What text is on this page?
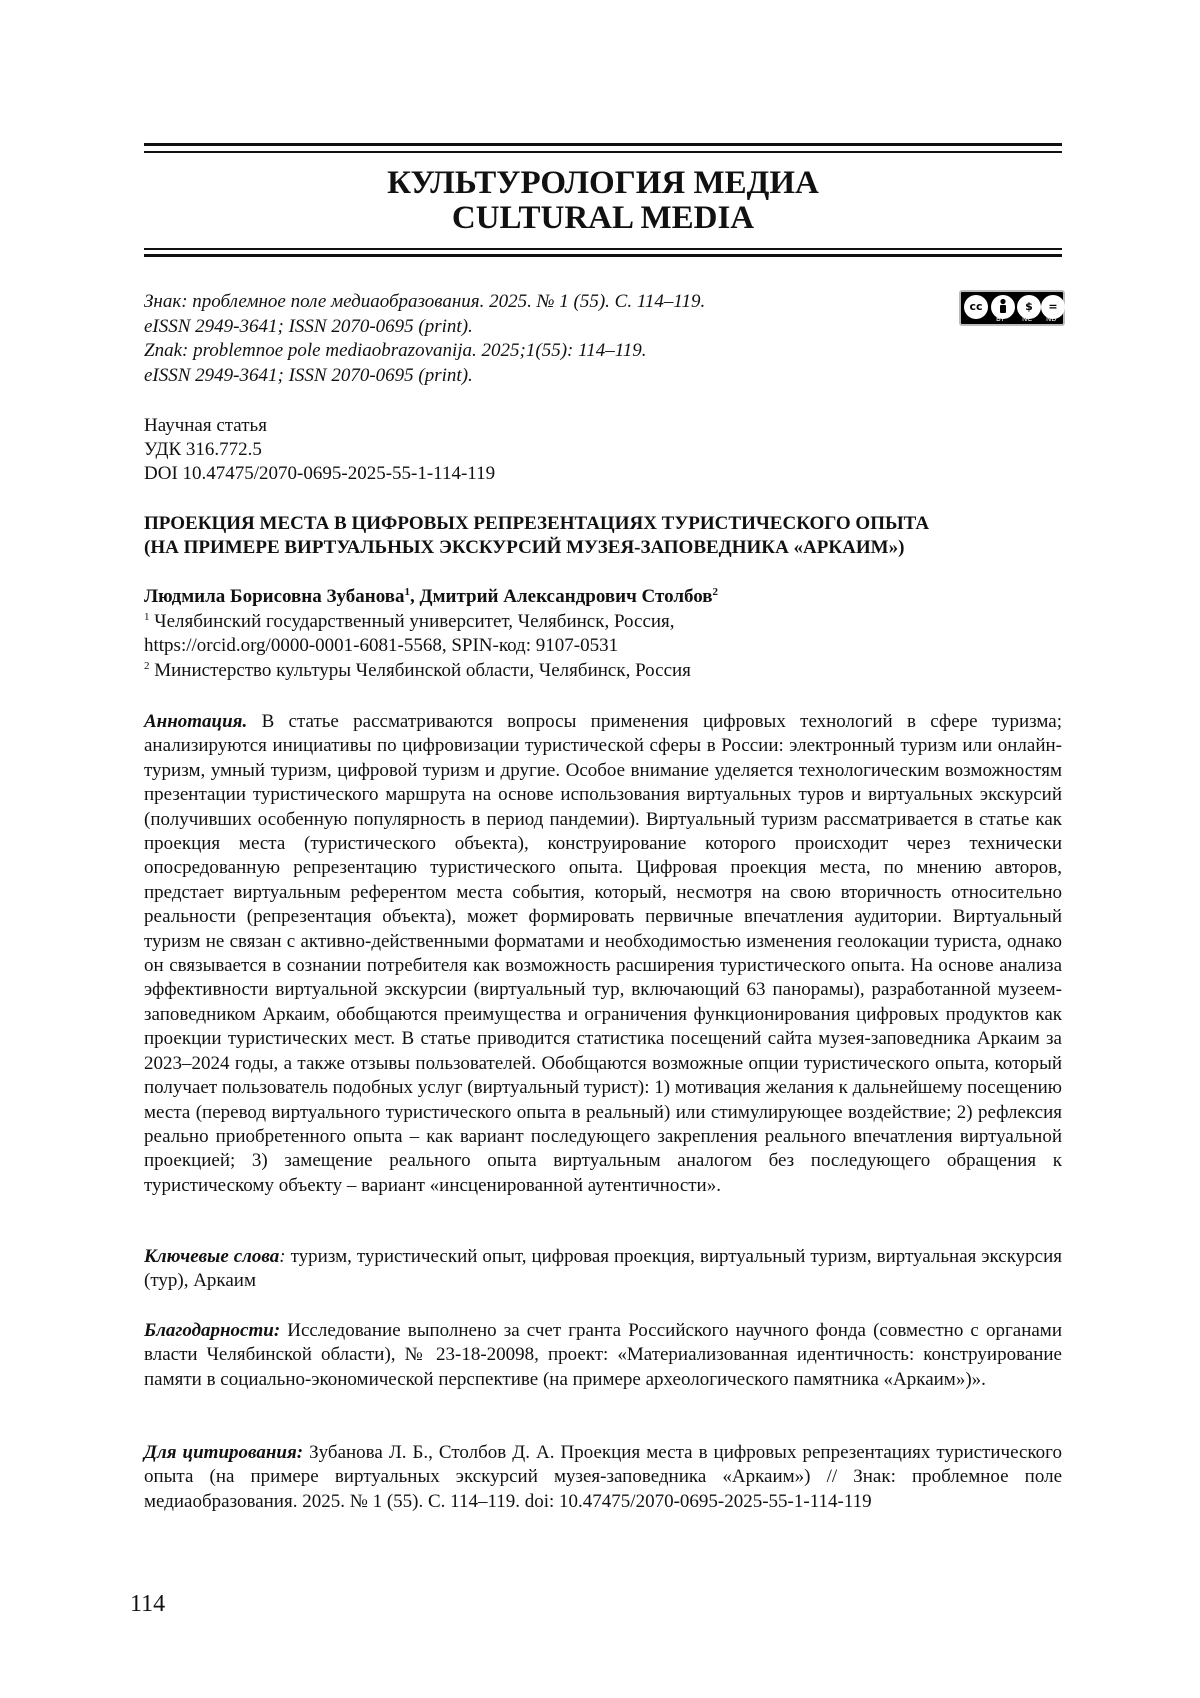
КУЛЬТУРОЛОГИЯ МЕДИА
CULTURAL MEDIA
Знак: проблемное поле медиаобразования. 2025. № 1 (55). С. 114–119.
eISSN 2949-3641; ISSN 2070-0695 (print).
Znak: problemnoe pole mediaobrazovanija. 2025;1(55): 114–119.
eISSN 2949-3641; ISSN 2070-0695 (print).
cc	$	=
BY NC ND
Научная статья
УДК 316.772.5
DOI 10.47475/2070-0695-2025-55-1-114-119
ПРОЕКЦИЯ МЕСТА В ЦИФРОВЫХ РЕПРЕЗЕНТАЦИЯХ ТУРИСТИЧЕСКОГО ОПЫТА
(НА ПРИМЕРЕ ВИРТУАЛЬНЫХ ЭКСКУРСИЙ МУЗЕЯ-ЗАПОВЕДНИКА «АРКАИМ»)
Людмила Борисовна Зубанова$^1$, Дмитрий Александрович Столбов$^2$
$^1$ Челябинский государственный университет, Челябинск, Россия,
https://orcid.org/0000-0001-6081-5568, SPIN-код: 9107-0531
$^2$ Министерство культуры Челябинской области, Челябинск, Россия
Аннотация. В статье рассматриваются вопросы применения цифровых технологий в сфере туризма; анализируются инициативы по цифровизации туристической сферы в России: электронный туризм или онлайн-туризм, умный туризм, цифровой туризм и другие. Особое внимание уделяется технологическим возможностям презентации туристического маршрута на основе использования виртуальных туров и виртуальных экскурсий (получивших особенную популярность в период пандемии). Виртуальный туризм рассматривается в статье как проекция места (туристического объекта), конструирование которого происходит через технически опосредованную репрезентацию туристического опыта. Цифровая проекция места, по мнению авторов, предстает виртуальным референтом места события, который, несмотря на свою вторичность относительно реальности (репрезентация объекта), может формировать первичные впечатления аудитории. Виртуальный туризм не связан с активно-действенными форматами и необходимостью изменения геолокации туриста, однако он связывается в сознании потребителя как возможность расширения туристического опыта. На основе анализа эффективности виртуальной экскурсии (виртуальный тур, включающий 63 панорамы), разработанной музеем-заповедником Аркаим, обобщаются преимущества и ограничения функционирования цифровых продуктов как проекции туристических мест. В статье приводится статистика посещений сайта музея-заповедника Аркаим за 2023–2024 годы, а также отзывы пользователей. Обобщаются возможные опции туристического опыта, который получает пользователь подобных услуг (виртуальный турист): 1) мотивация желания к дальнейшему посещению места (перевод виртуального туристического опыта в реальный) или стимулирующее воздействие; 2) рефлексия реально приобретенного опыта – как вариант последующего закрепления реального впечатления виртуальной проекцией; 3) замещение реального опыта виртуальным аналогом без последующего обращения к туристическому объекту – вариант «инсценированной аутентичности».
Ключевые слова: туризм, туристический опыт, цифровая проекция, виртуальный туризм, виртуальная экскурсия (тур), Аркаим
Благодарности: Исследование выполнено за счет гранта Российского научного фонда (совместно с органами власти Челябинской области), № 23-18-20098, проект: «Материализованная идентичность: конструирование памяти в социально-экономической перспективе (на примере археологического памятника «Аркаим»)».
Для цитирования: Зубанова Л. Б., Столбов Д. А. Проекция места в цифровых репрезентациях туристического опыта (на примере виртуальных экскурсий музея-заповедника «Аркаим») // Знак: проблемное поле медиаобразования. 2025. № 1 (55). С. 114–119. doi: 10.47475/2070-0695-2025-55-1-114-119
114
